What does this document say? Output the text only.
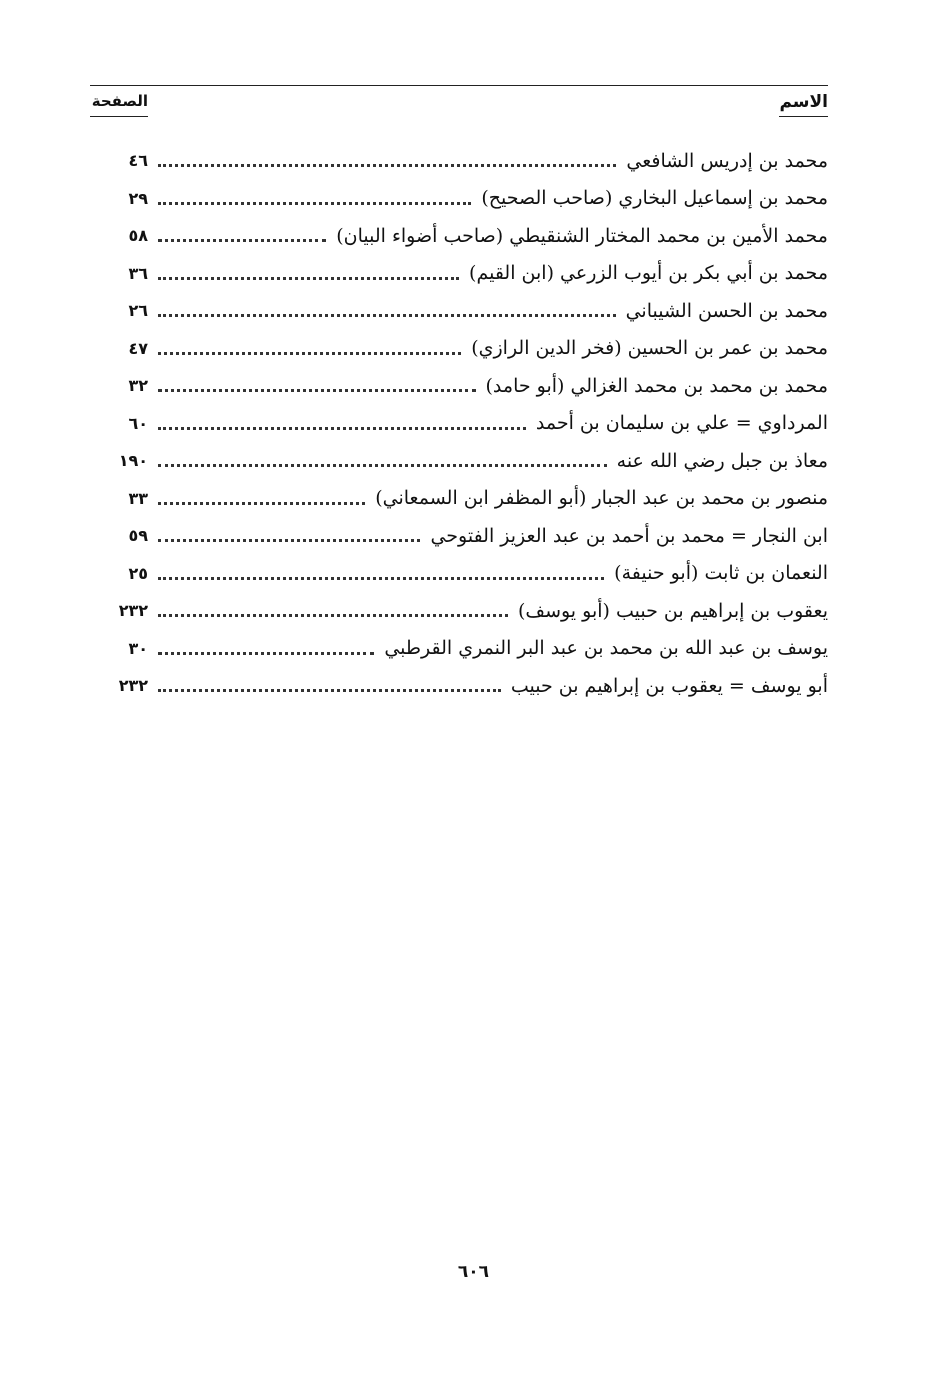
الاسم
الصفحة
محمد بن إدريس الشافعي
٤٦
محمد بن إسماعيل البخاري (صاحب الصحيح)
٢٩
محمد الأمين بن محمد المختار الشنقيطي (صاحب أضواء البيان)
٥٨
محمد بن أبي بكر بن أيوب الزرعي (ابن القيم)
٣٦
محمد بن الحسن الشيباني
٢٦
محمد بن عمر بن الحسين (فخر الدين الرازي)
٤٧
محمد بن محمد بن محمد الغزالي (أبو حامد)
٣٢
المرداوي = علي بن سليمان بن أحمد
٦٠
معاذ بن جبل رضي الله عنه
١٩٠
منصور بن محمد بن عبد الجبار (أبو المظفر ابن السمعاني)
٣٣
ابن النجار = محمد بن أحمد بن عبد العزيز الفتوحي
٥٩
النعمان بن ثابت (أبو حنيفة)
٢٥
يعقوب بن إبراهيم بن حبيب (أبو يوسف)
٢٣٢
يوسف بن عبد الله بن محمد بن عبد البر النمري القرطبي
٣٠
أبو يوسف = يعقوب بن إبراهيم بن حبيب
٢٣٢
٦٠٦
